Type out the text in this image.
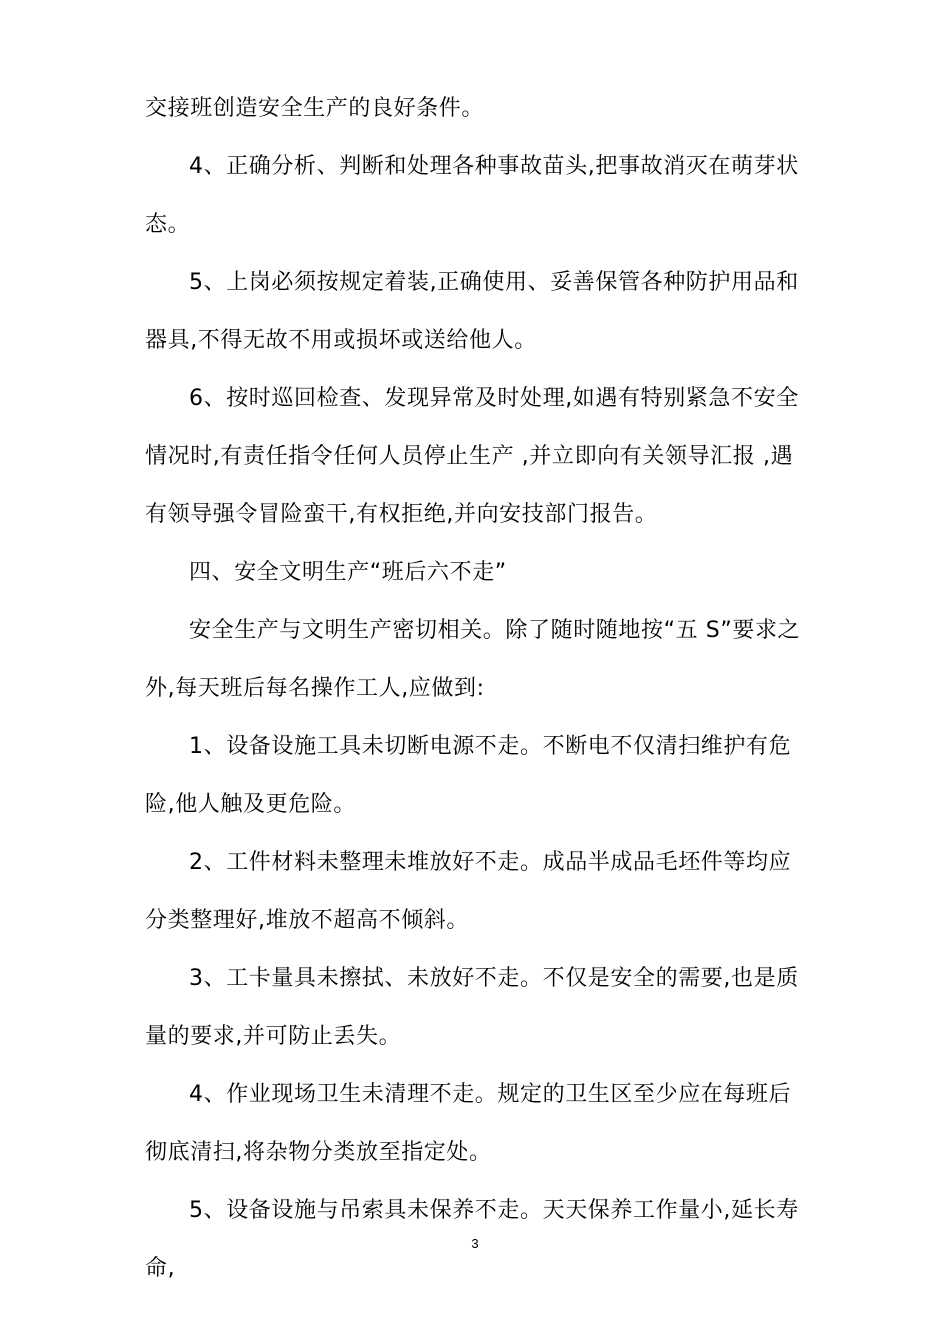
交接班创造安全生产的良好条件。

4、正确分析、判断和处理各种事故苗头,把事故消灭在萌芽状态。

5、上岗必须按规定着装,正确使用、妥善保管各种防护用品和器具,不得无故不用或损坏或送给他人。

6、按时巡回检查、发现异常及时处理,如遇有特别紧急不安全情况时,有责任指令任何人员停止生产 ,并立即向有关领导汇报 ,遇有领导强令冒险蛮干,有权拒绝,并向安技部门报告。

四、安全文明生产“班后六不走”

安全生产与文明生产密切相关。除了随时随地按“五 S”要求之外,每天班后每名操作工人,应做到:

1、设备设施工具未切断电源不走。不断电不仅清扫维护有危险,他人触及更危险。

2、工件材料未整理未堆放好不走。成品半成品毛坯件等均应分类整理好,堆放不超高不倾斜。

3、工卡量具未擦拭、未放好不走。不仅是安全的需要,也是质量的要求,并可防止丢失。

4、作业现场卫生未清理不走。规定的卫生区至少应在每班后彻底清扫,将杂物分类放至指定处。

5、设备设施与吊索具未保养不走。天天保养工作量小,延长寿命,

3
